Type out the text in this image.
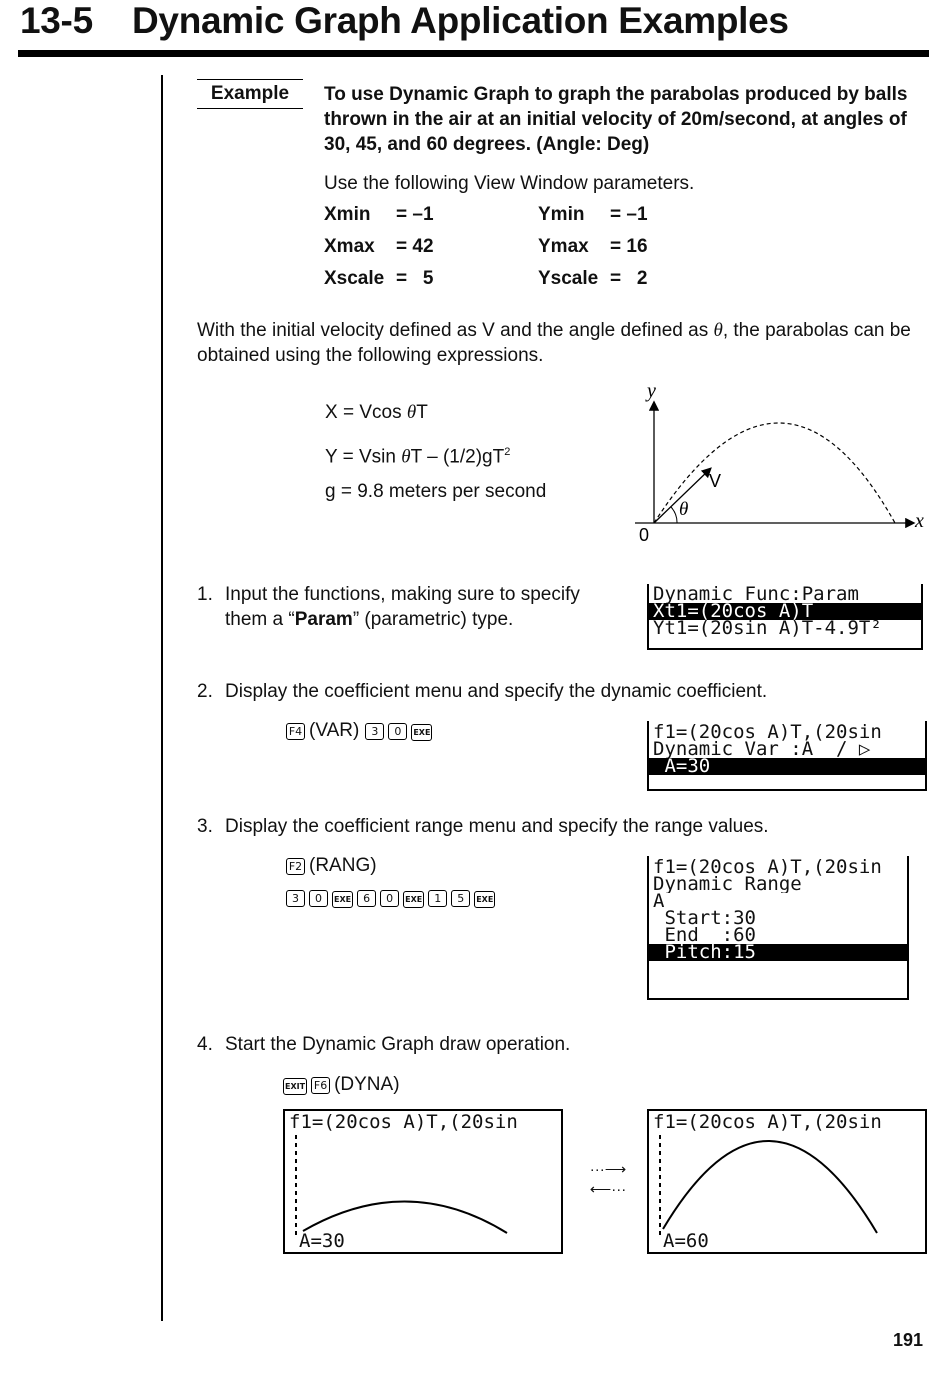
13-5 Dynamic Graph Application Examples
Example	To use Dynamic Graph to graph the parabolas produced by balls thrown in the air at an initial velocity of 20m/second, at angles of 30, 45, and 60 degrees. (Angle: Deg)
Use the following View Window parameters.
Xmin = –1
Xmax = 42
Xscale =   5
Ymin = –1
Ymax = 16
Yscale =   2
With the initial velocity defined as V and the angle defined as θ, the parabolas can be obtained using the following expressions.
X = Vcos θT
Y = Vsin θT – $(1/2)gT^2$
g = 9.8 meters per second
y
x
0
V
θ
1. Input the functions, making sure to specify them a “Param” (parametric) type.
Dynamic Func:Param
Xt1=(20cos A)T
Yt1=(20sin A)T-4.9T²
2. Display the coefficient menu and specify the dynamic coefficient.
F4 (VAR) 3 0 EXE	f1=(20cos A)T,(20sin
Dynamic Var :A  ∕ ▷
A=30
3. Display the coefficient range menu and specify the range values.
F2 (RANG)
3 0 EXE 6 0 EXE 1 5 EXE
f1=(20cos A)T,(20sin
Dynamic Range
A
Start:30
End  :60
Pitch:15
4. Start the Dynamic Graph draw operation.
EXIT F6 (DYNA)
f1=(20cos A)T,(20sin
A=30
···⟶
⟵···
f1=(20cos A)T,(20sin
A=60
191
